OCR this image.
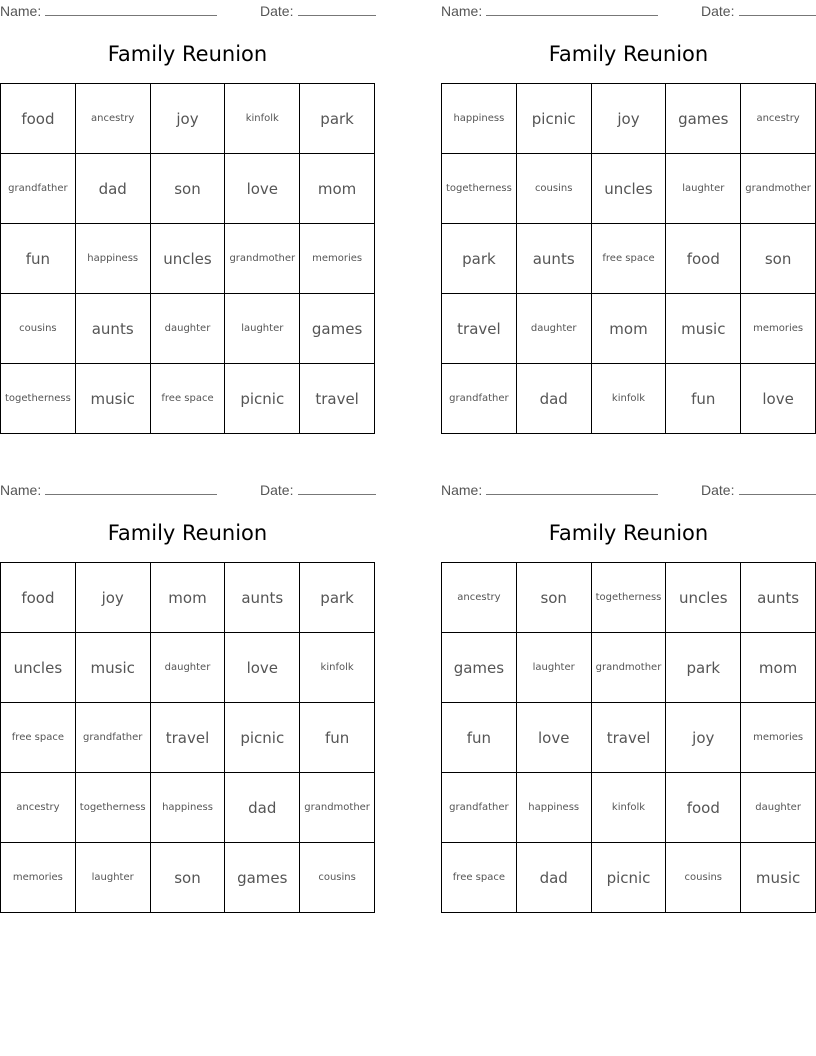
Name:	Date:
Family Reunion
food	ancestry	joy	kinfolk	park
grandfather	dad	son	love	mom
fun	happiness	uncles	grandmother	memories
cousins	aunts	daughter	laughter	games
togetherness	music	free space	picnic	travel
Name:	Date:
Family Reunion
happiness	picnic	joy	games	ancestry
togetherness	cousins	uncles	laughter	grandmother
park	aunts	free space	food	son
travel	daughter	mom	music	memories
grandfather	dad	kinfolk	fun	love
Name:	Date:
Family Reunion
food	joy	mom	aunts	park
uncles	music	daughter	love	kinfolk
free space	grandfather	travel	picnic	fun
ancestry	togetherness	happiness	dad	grandmother
memories	laughter	son	games	cousins
Name:	Date:
Family Reunion
ancestry	son	togetherness	uncles	aunts
games	laughter	grandmother	park	mom
fun	love	travel	joy	memories
grandfather	happiness	kinfolk	food	daughter
free space	dad	picnic	cousins	music
